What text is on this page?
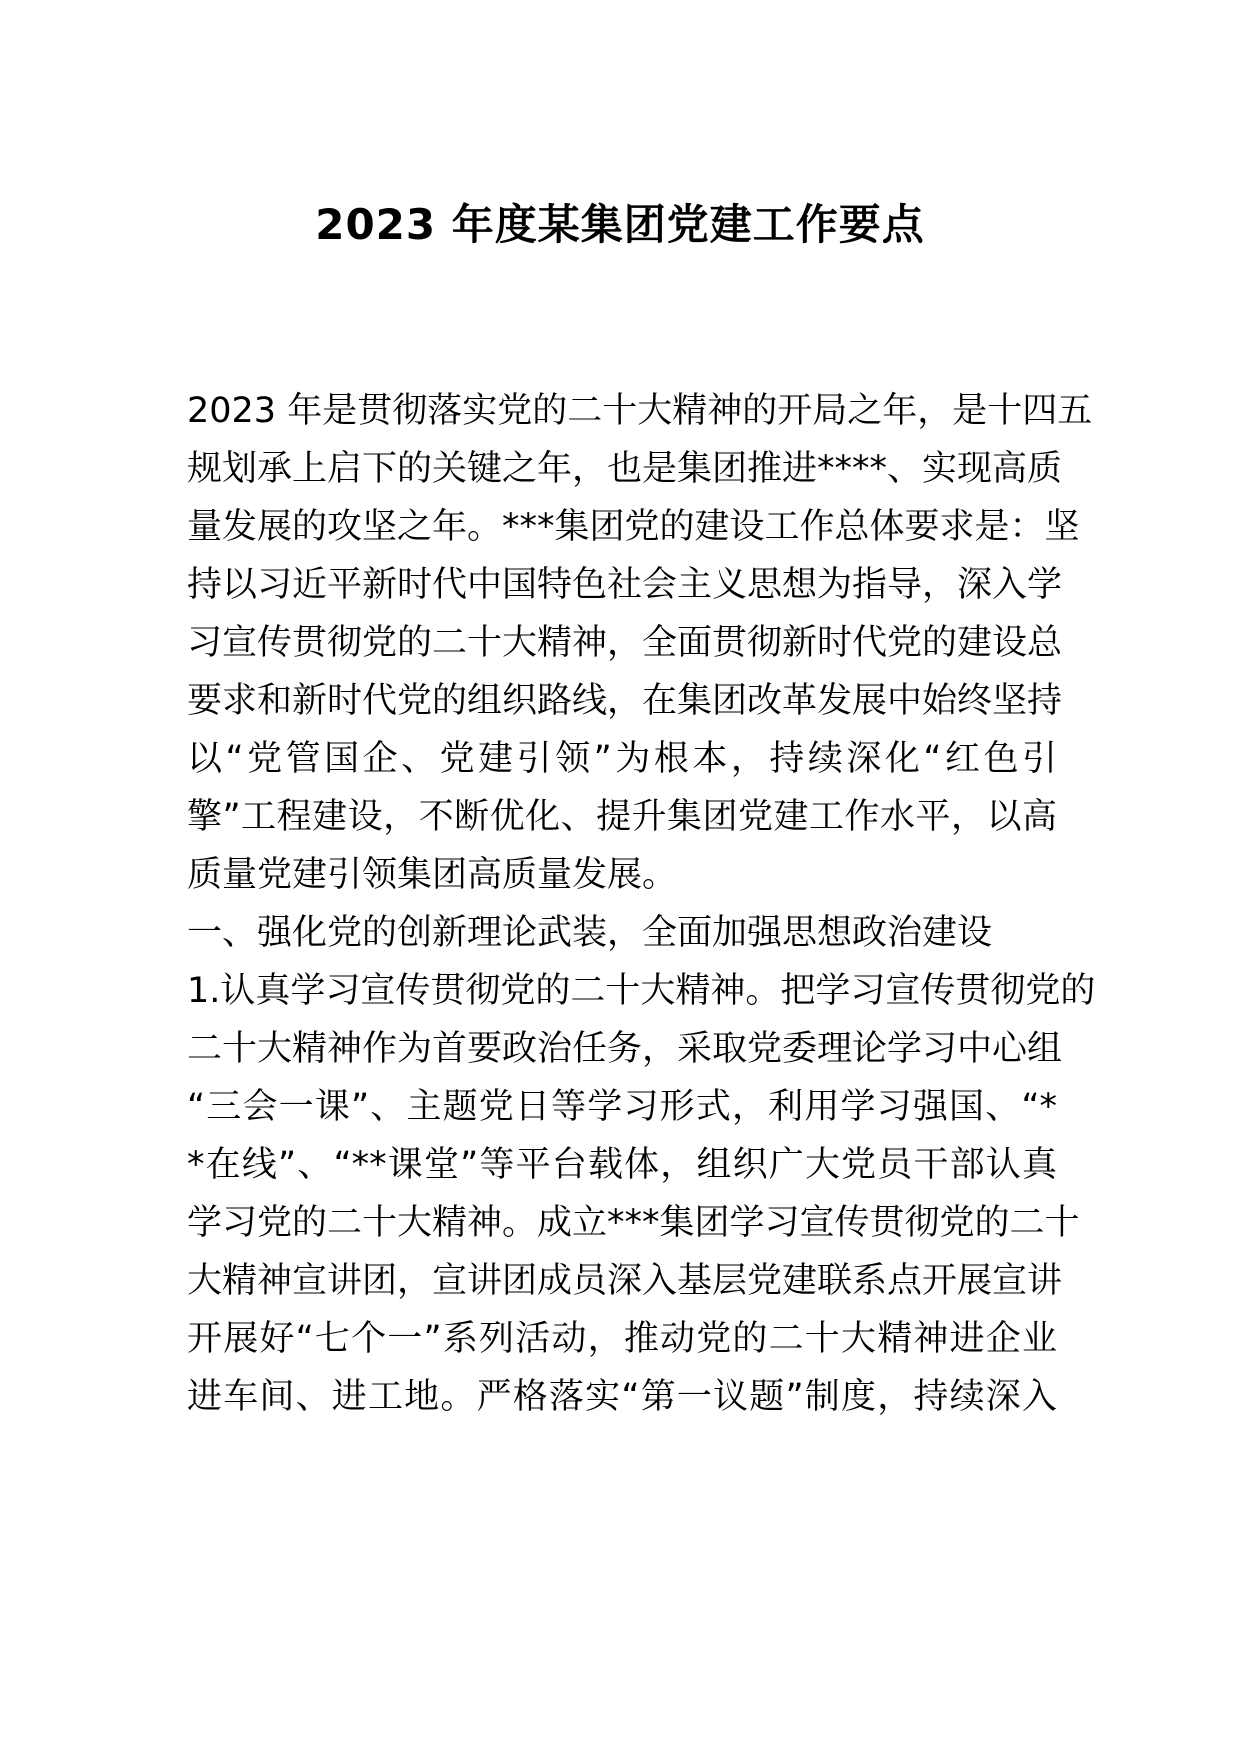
2023 年度某集团党建工作要点
2023 年是贯彻落实党的二十大精神的开局之年，是十四五
规划承上启下的关键之年，也是集团推进****、实现高质
量发展的攻坚之年。***集团党的建设工作总体要求是：坚
持以习近平新时代中国特色社会主义思想为指导，深入学
习宣传贯彻党的二十大精神，全面贯彻新时代党的建设总
要求和新时代党的组织路线，在集团改革发展中始终坚持
以“党管国企、党建引领”为根本，持续深化“红色引
擎”工程建设，不断优化、提升集团党建工作水平，以高
质量党建引领集团高质量发展。
一、强化党的创新理论武装，全面加强思想政治建设
1.认真学习宣传贯彻党的二十大精神。把学习宣传贯彻党的
二十大精神作为首要政治任务，采取党委理论学习中心组
“三会一课”、主题党日等学习形式，利用学习强国、“*
*在线”、“**课堂”等平台载体，组织广大党员干部认真
学习党的二十大精神。成立***集团学习宣传贯彻党的二十
大精神宣讲团，宣讲团成员深入基层党建联系点开展宣讲
开展好“七个一”系列活动，推动党的二十大精神进企业
进车间、进工地。严格落实“第一议题”制度，持续深入
